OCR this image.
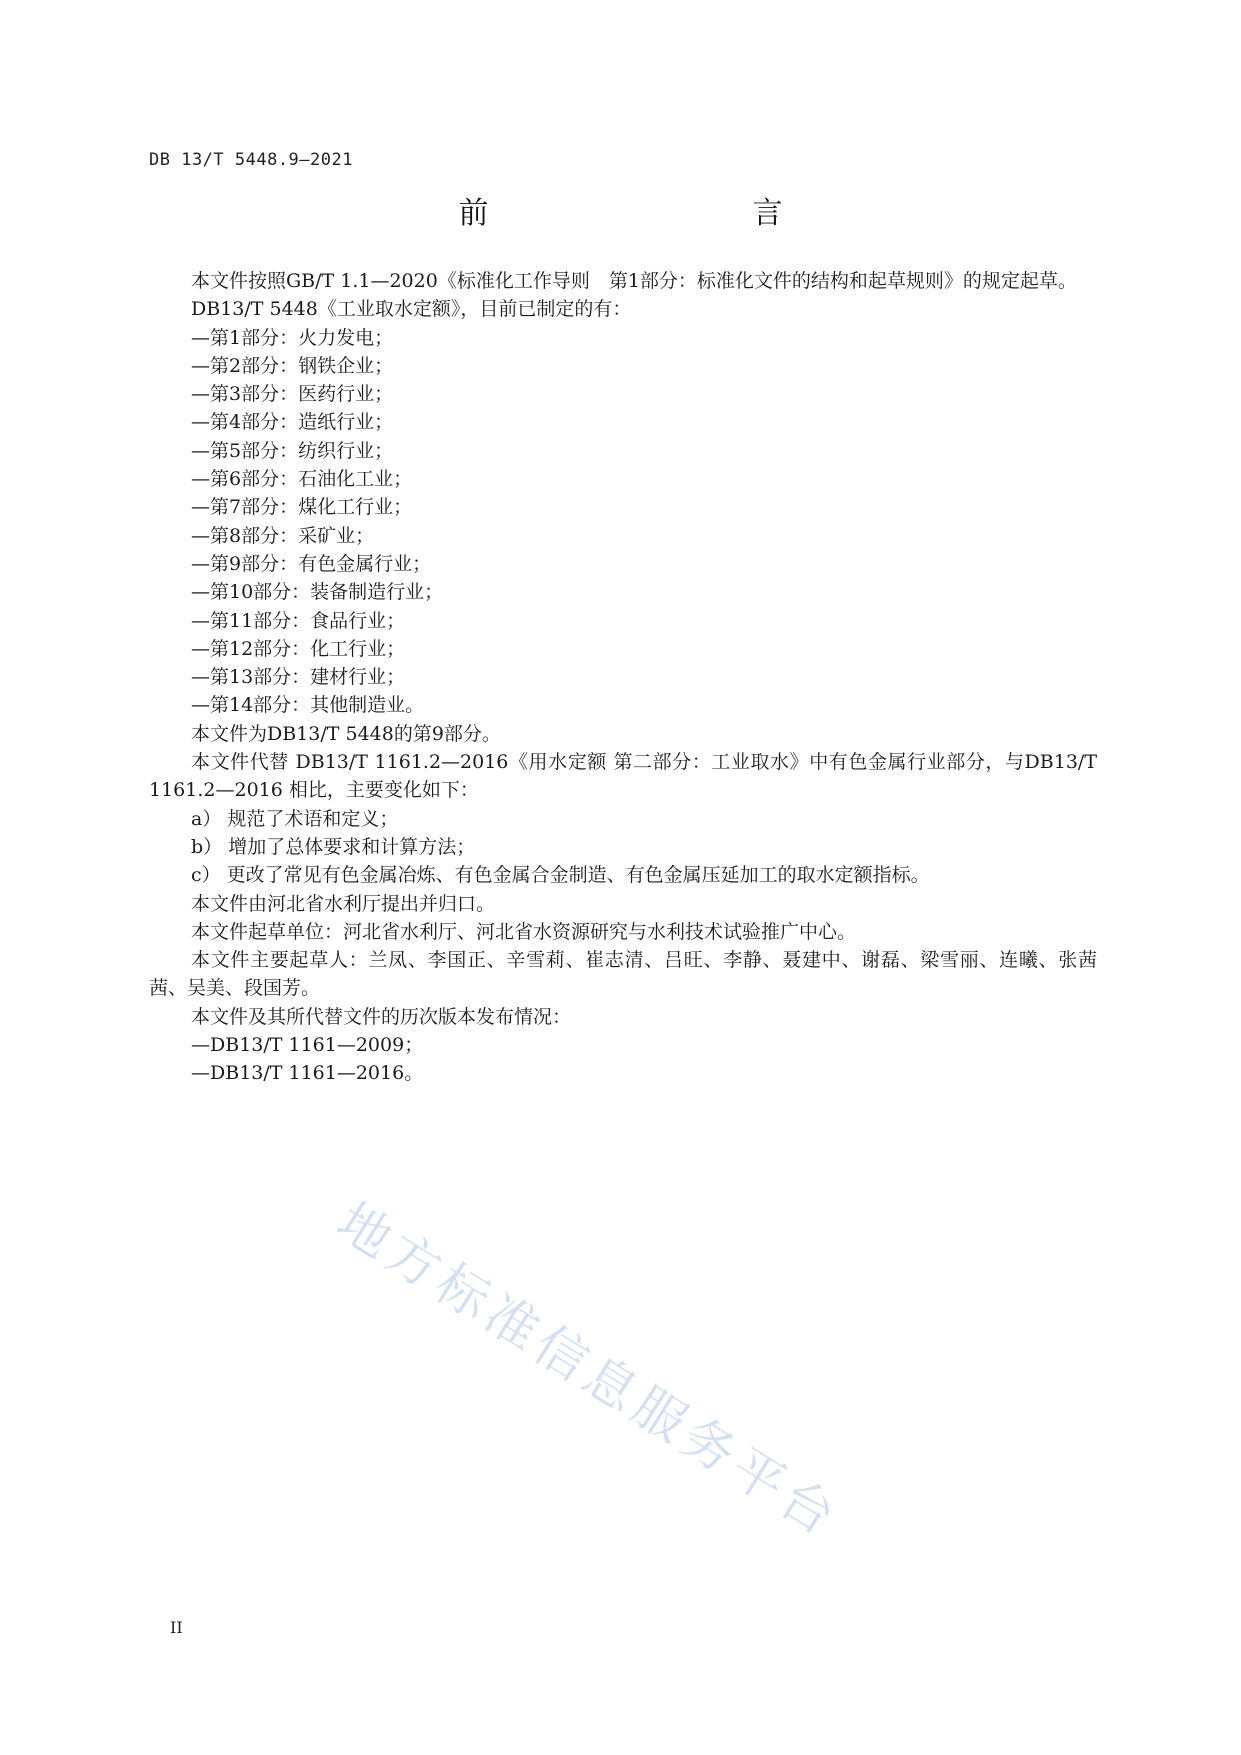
DB 13/T 5448.9—2021
前　　言

本文件按照GB/T 1.1—2020《标准化工作导则　第1部分：标准化文件的结构和起草规则》的规定起草。

DB13/T 5448《工业取水定额》，目前已制定的有：

—第1部分：火力发电；

—第2部分：钢铁企业；

—第3部分：医药行业；

—第4部分：造纸行业；

—第5部分：纺织行业；

—第6部分：石油化工业；

—第7部分：煤化工行业；

—第8部分：采矿业；

—第9部分：有色金属行业；

—第10部分：装备制造行业；

—第11部分：食品行业；

—第12部分：化工行业；

—第13部分：建材行业；

—第14部分：其他制造业。

本文件为DB13/T 5448的第9部分。

本文件代替 DB13/T 1161.2—2016《用水定额 第二部分：工业取水》中有色金属行业部分，与DB13/T 1161.2—2016 相比，主要变化如下：

a） 规范了术语和定义；

b） 增加了总体要求和计算方法；

c） 更改了常见有色金属冶炼、有色金属合金制造、有色金属压延加工的取水定额指标。

本文件由河北省水利厅提出并归口。

本文件起草单位：河北省水利厅、河北省水资源研究与水利技术试验推广中心。

本文件主要起草人：兰凤、李国正、辛雪莉、崔志清、吕旺、李静、聂建中、谢磊、梁雪丽、连曦、张茜茜、吴美、段国芳。

本文件及其所代替文件的历次版本发布情况：

—DB13/T 1161—2009；

—DB13/T 1161—2016。

地方标准信息服务平台
II
